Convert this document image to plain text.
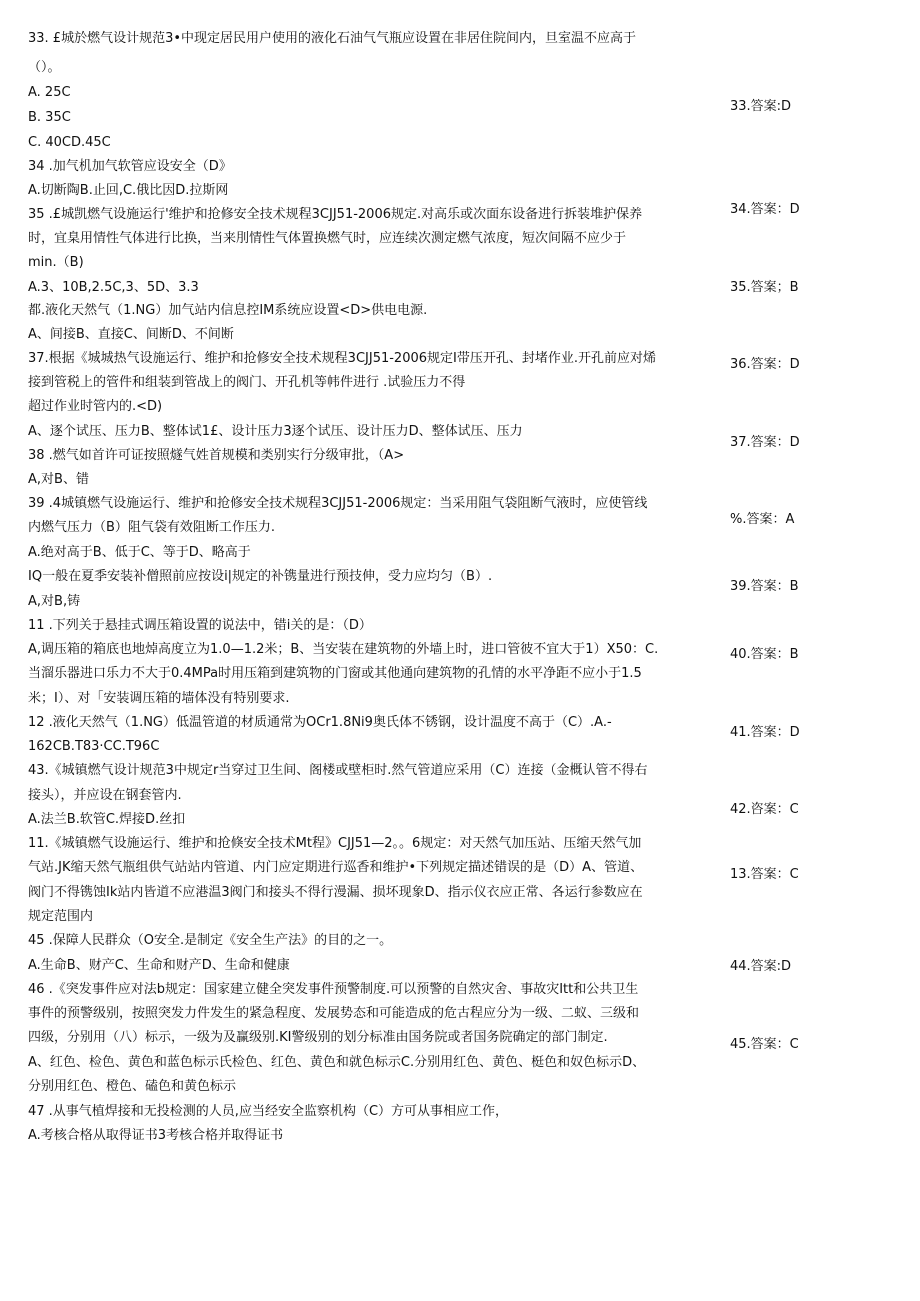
33. £城於燃气设计规范3•中现定居民用户使用的液化石油气气瓶应设置在非居住院间内，旦室温不应高于
（）。
A. 25C
B. 35C
C. 40CD.45C
34 .加气机加气软管应设安全（D》
A.切断陶B.止回,C.俄比因D.拉斯网
35 .£城凯燃气设施运行'维护和抢修安全技术规程3CJJ51-2006规定.对高乐或次面东设备进行拆装堆护保养
时，宜臬用情性气体进行比换，当来刖情性气体置换燃气时，应连续次测定燃气浓度，短次间隔不应少于
min.（B)
A.3、10B,2.5C,3、5D、3.3
都.液化天然气（1.NG）加气站内信息控IM系统应设置<D>供电电源.
A、间接B、直接C、间断D、不间断
37.根据《城城热气设施运行、维护和抢修安全技术规程3CJJ51-2006规定I带压开孔、封堵作业.开孔前应对烯
接到管税上的管件和组装到管战上的阀门、开孔机等帏件进行 .试验压力不得
超过作业时管内的.<D)
A、逐个试压、压力B、整体试1£、设计压力3逐个试压、设计压力D、整体试压、压力
38 .燃气如首许可证按照燧气姓首规模和类别实行分级审批，（A>
A,对B、错
39 .4城镇燃气设施运行、维护和抢修安全技术规程3CJJ51-2006规定：当采用阻气袋阻断气液时，应使管线
内燃气压力（B）阻气袋有效阻断工作压力.
A.绝对高于B、低于C、等于D、略高于
IQ一般在夏季安装补僧照前应按设i|规定的补镌量进行预技伸，受力应均匀（B）.
A,对B,铸
11 .下列关于悬挂式调压箱设置的说法中，错i关的是：（D）
A,调压箱的箱底也地焯高度立为1.0—1.2米；B、当安装在建筑物的外墙上时，进口管彼不宜大于1）X50：C.
当溜乐器进口乐力不大于0.4MPa时用压箱到建筑物的门窗或其他通向建筑物的孔情的水平净距不应小于1.5
米；I）、对「安装调压箱的墙体没有特别要求.
12 .液化天然气（1.NG）低温管道的材质通常为OCr1.8Ni9奥氏体不锈钢，设计温度不高于（C）.A.-
162CB.T83·CC.T96C
43.《城镇燃气设计规范3中规定r当穿过卫生间、阁楼或壁柜时.然气管道应采用（C）连接（金概认管不得右
接头），并应设在钢套管内.
A.法兰B.软管C.焊接D.丝扣
11.《城镇燃气设施运行、维护和抢倏安全技术Mt程》CJJ51—2。。6规定：对天然气加压站、压缩天然气加
气站.JK缩天然气瓶组供气站站内管道、内门应定期进行巡香和维护•下列规定描述错误的是（D）A、管道、
阀门不得镌蚀Ik站内皆道不应港温3阀门和接头不得行漫漏、损坏现象D、指示仪衣应正常、各运行参数应在
规定范围内
45 .保障人民群众（O安全.是制定《安全生产法》的目的之一。
A.生命B、财产C、生命和财产D、生命和健康
46 .《突发事件应对法b规定：国家建立健全突发事件预警制度.可以预警的自然灾舍、事故灾Itt和公共卫生
事件的预警级别，按照突发力件发生的紧急程度、发展势态和可能造成的危古程应分为一级、二蚁、三级和
四级，分别用（八）标示，一级为及赢级别.KI警级别的划分标准由国务院或者国务院确定的部门制定.
A、红色、检色、黄色和蓝色标示氏检色、红色、黄色和就色标示C.分别用红色、黄色、梃色和奴色标示D、
分别用红色、橙色、磕色和黄色标示
47 .从事气植焊接和无投检测的人员,应当经安全监察机构（C）方可从事相应工作，
A.考核合格从取得证书3考核合格并取得证书
33.答案:D
34.答案：D
35.答案；B
36.答案：D
37.答案：D
%.答案：A
39.答案：B
40.答案：B
41.答案：D
42.咨案：C
13.答案：C
44.答案:D
45.答案：C
